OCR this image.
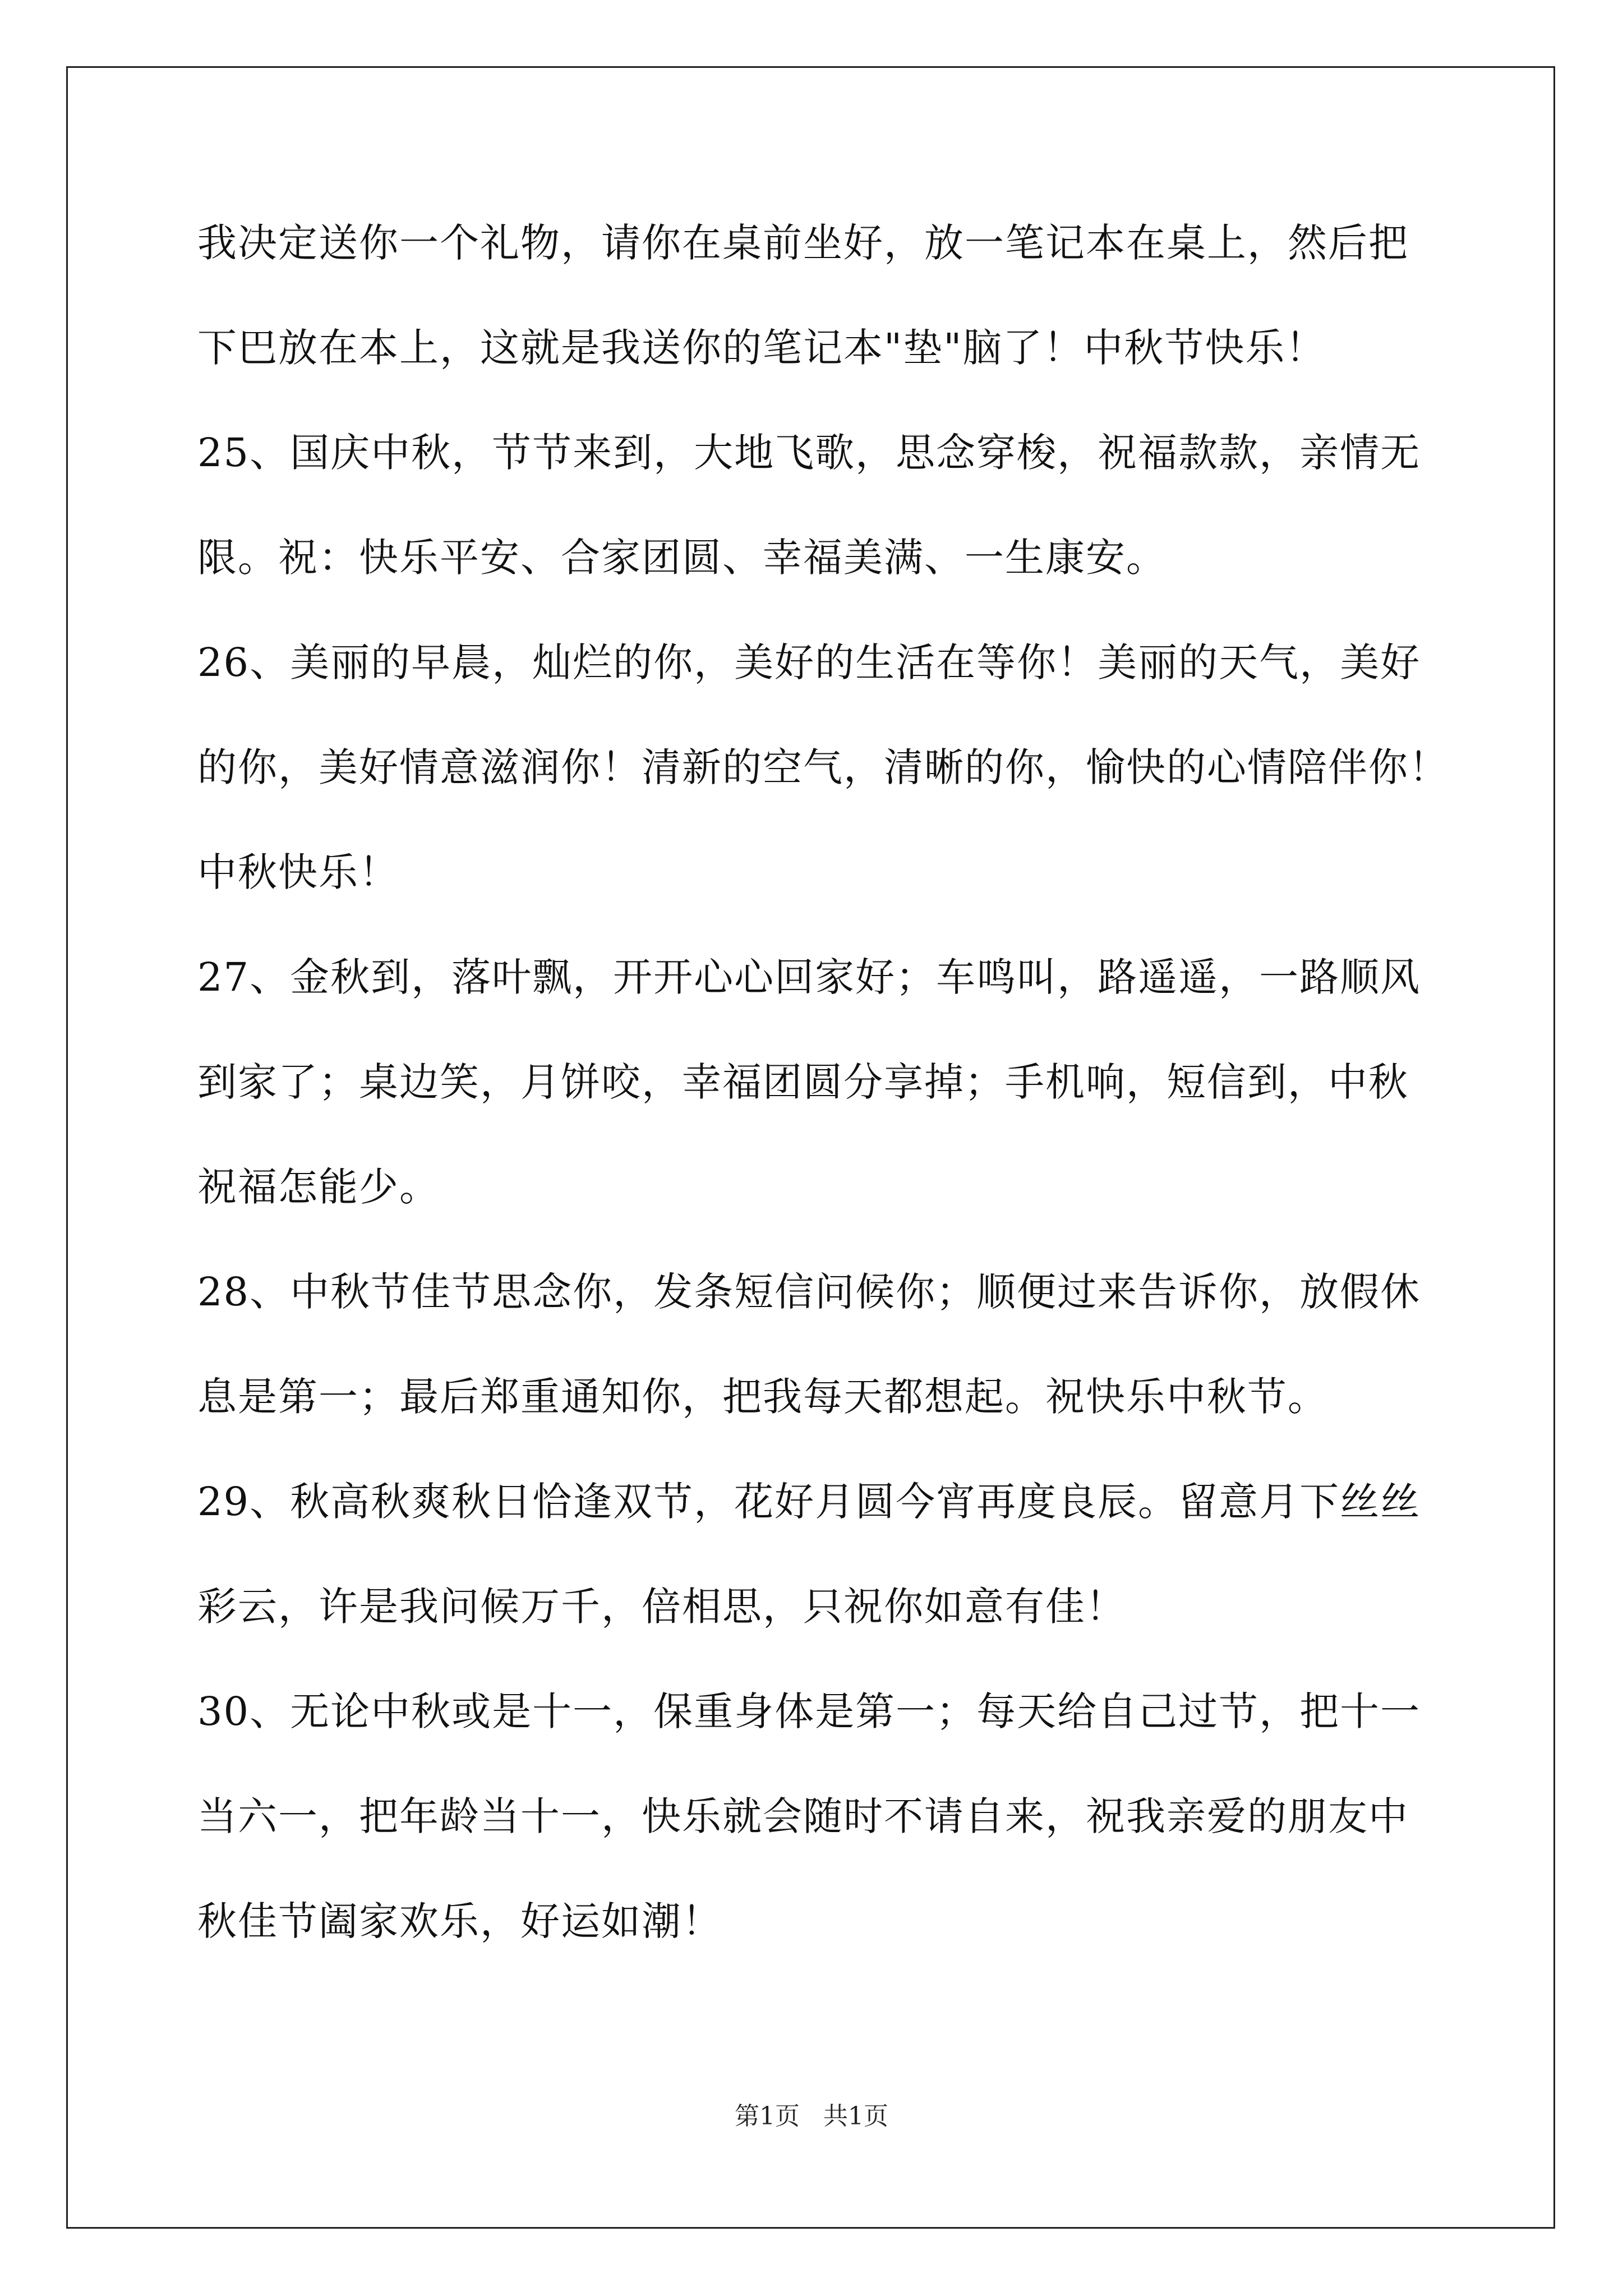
我决定送你一个礼物，请你在桌前坐好，放一笔记本在桌上，然后把
下巴放在本上，这就是我送你的笔记本"垫"脑了！中秋节快乐！
25、国庆中秋，节节来到，大地飞歌，思念穿梭，祝福款款，亲情无
限。祝：快乐平安、合家团圆、幸福美满、一生康安。
26、美丽的早晨，灿烂的你，美好的生活在等你！美丽的天气，美好
的你，美好情意滋润你！清新的空气，清晰的你，愉快的心情陪伴你！
中秋快乐！
27、金秋到，落叶飘，开开心心回家好；车鸣叫，路遥遥，一路顺风
到家了；桌边笑，月饼咬，幸福团圆分享掉；手机响，短信到，中秋
祝福怎能少。
28、中秋节佳节思念你，发条短信问候你；顺便过来告诉你，放假休
息是第一；最后郑重通知你，把我每天都想起。祝快乐中秋节。
29、秋高秋爽秋日恰逢双节，花好月圆今宵再度良辰。留意月下丝丝
彩云，许是我问候万千，倍相思，只祝你如意有佳！
30、无论中秋或是十一，保重身体是第一；每天给自己过节，把十一
当六一，把年龄当十一，快乐就会随时不请自来，祝我亲爱的朋友中
秋佳节阖家欢乐，好运如潮！
第1页   共1页
